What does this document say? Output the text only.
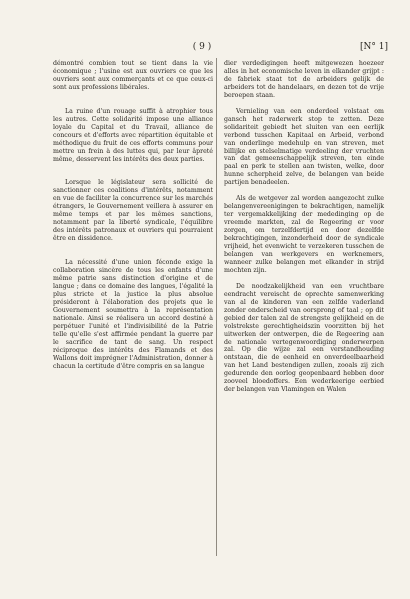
( 9 )	[N° 1]

démontré combien tout se tient dans la vie économique ; l'usine est aux ouvriers ce que les ouvriers sont aux commerçants et ce que ceux-ci sont aux professions libérales.

La ruine d'un rouage suffit à atrophier tous les autres. Cette solidarité impose une alliance loyale du Capital et du Travail, alliance de concours et d'efforts avec répartition équitable et méthodique du fruit de ces efforts communs pour mettre un frein à des luttes qui, par leur âpreté même, desservent les intérêts des deux parties.

Lorsque le législateur sera sollicité de sanctionner ces coalitions d'intérêts, notamment en vue de faciliter la concurrence sur les marchés étrangers, le Gouvernement veillera à assurer en même temps et par les mêmes sanctions, notamment par la liberté syndicale, l'équilibre des intérêts patronaux et ouvriers qui pourraient être en dissidence.

La nécessité d'une union féconde exige la collaboration sincère de tous les enfants d'une même patrie sans distinction d'origine et de langue ; dans ce domaine des langues, l'égalité la plus stricte et la justice la plus absolue présideront à l'élaboration des projets que le Gouvernement soumettra à la représentation nationale. Ainsi se réalisera un accord destiné à perpétuer l'unité et l'indivisibilité de la Patrie telle qu'elle s'est affirmée pendant la guerre par le sacrifice de tant de sang. Un respect réciproque des intérêts des Flamands et des Wallons doit imprégner l'Administration, donner à chacun la certitude d'être compris en sa langue

dier verdedigingen heeft mitgewezen hoezeer alles in het economische leven in elkander grijpt : de fabriek staat tot de arbeiders gelijk de arbeiders tot de handelaars, en dezen tot de vrije beroepen staan.

Vernieling van een onderdeel volstaat om gansch het raderwerk stop te zetten. Deze solidariteit gebiedt het sluiten van een eerlijk verbond tusschen Kapitaal en Arbeid, verbond van onderlinge medehulp en van streven, met billijke en stelselmatige verdeeling der vruchten van dat gemeenschappelijk streven, ten einde paal en perk te stellen aan twisten, welke, door hunne scherpheid zelve, de belangen van beide partijen benadeelen.

Als de wetgever zal worden aangezocht zulke belangenvereenigingen te bekrachtigen, namelijk ter vergemakkelijking der mededinging op de vreemde markten, zal de Regeering er voor zorgen, om terzelfdertijd en door dezelfde bekrachtigingen, inzonderheid door de syndicale vrijheid, het evenwicht te verzekeren tusschen de belangen van werkgevers en werknemers, wanneer zulke belangen met elkander in strijd mochten zijn.

De noodzakelijkheid van een vruchtbare eendracht vereischt de oprechte samenwerking van al de kinderen van een zelfde vaderland zonder onderscheid van oorsprong of taal ; op dit gebied der talen zal de strengste gelijkheid en de volstrekste gerechtigheidszin voorzitten bij het uitwerken der ontwerpen, die de Regeering aan de nationale vertegenwoordiging onderwerpen zal. Op die wijze zal een verstandhouding ontstaan, die de eenheid en onverdeelbaarheid van het Land bestendigen zullen, zooals zij zich gedurende den oorlog geopenbaard hebben door zooveel bloedoffers. Een wederkeerige eerbied der belangen van Vlamingen en Walen
